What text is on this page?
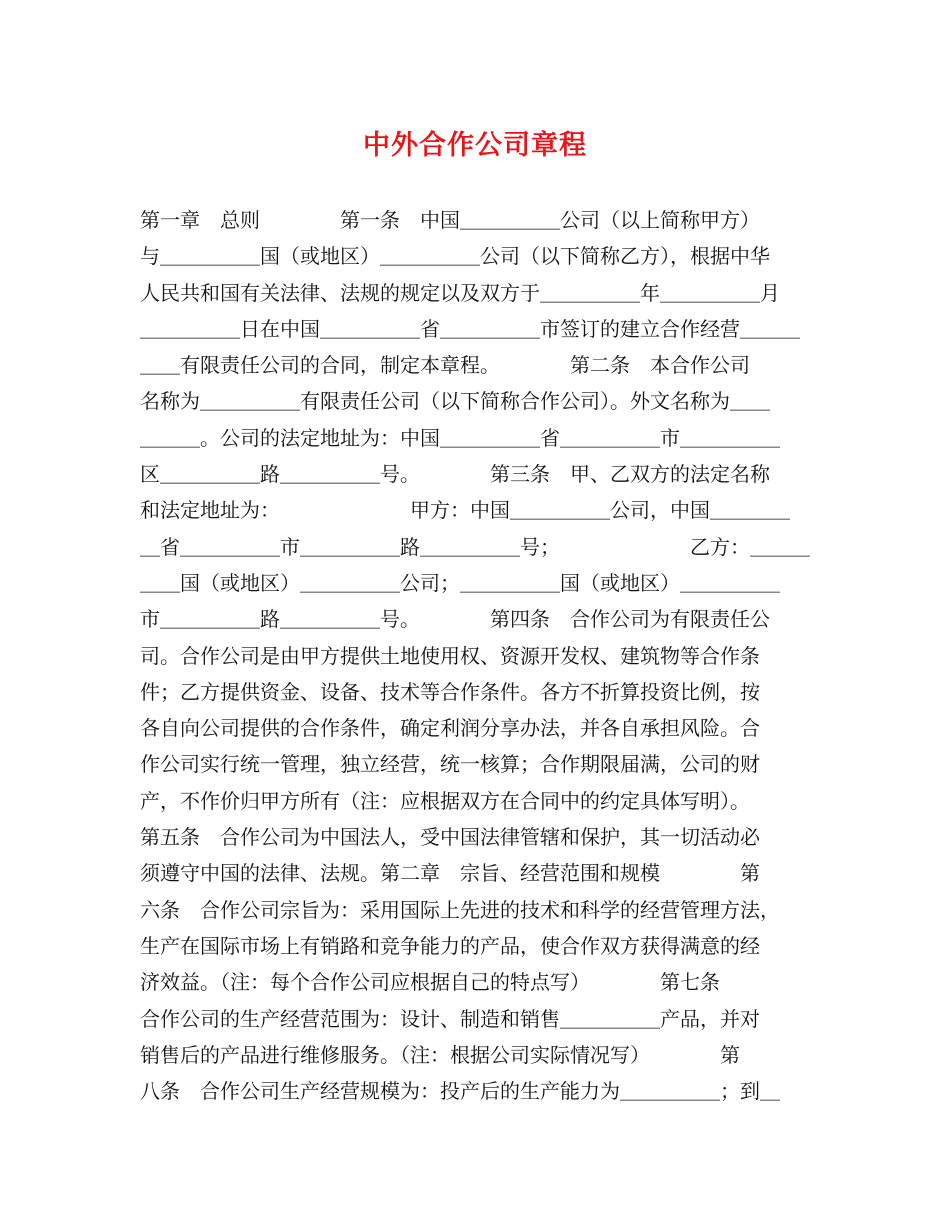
中外合作公司章程
第一章　总则　　　　第一条　中国＿＿＿＿＿公司（以上简称甲方）
与＿＿＿＿＿国（或地区）＿＿＿＿＿公司（以下简称乙方），根据中华
人民共和国有关法律、法规的规定以及双方于＿＿＿＿＿年＿＿＿＿＿月
＿＿＿＿＿日在中国＿＿＿＿＿省＿＿＿＿＿市签订的建立合作经营＿＿＿
＿＿有限责任公司的合同，制定本章程。　　　　第二条　本合作公司
名称为＿＿＿＿＿有限责任公司（以下简称合作公司）。外文名称为＿＿
＿＿＿。公司的法定地址为：中国＿＿＿＿＿省＿＿＿＿＿市＿＿＿＿＿
区＿＿＿＿＿路＿＿＿＿＿号。　　　　第三条　甲、乙双方的法定名称
和法定地址为：　　　　　　　甲方：中国＿＿＿＿＿公司，中国＿＿＿＿
＿省＿＿＿＿＿市＿＿＿＿＿路＿＿＿＿＿号；　　　　　　　乙方：＿＿＿
＿＿国（或地区）＿＿＿＿＿公司；＿＿＿＿＿国（或地区）＿＿＿＿＿
市＿＿＿＿＿路＿＿＿＿＿号。　　　　第四条　合作公司为有限责任公
司。合作公司是由甲方提供土地使用权、资源开发权、建筑物等合作条
件；乙方提供资金、设备、技术等合作条件。各方不折算投资比例，按
各自向公司提供的合作条件，确定利润分享办法，并各自承担风险。合
作公司实行统一管理，独立经营，统一核算；合作期限届满，公司的财
产，不作价归甲方所有（注：应根据双方在合同中的约定具体写明）。
第五条　合作公司为中国法人，受中国法律管辖和保护，其一切活动必
须遵守中国的法律、法规。第二章　宗旨、经营范围和规模　　　　第
六条　合作公司宗旨为：采用国际上先进的技术和科学的经营管理方法，
生产在国际市场上有销路和竞争能力的产品，使合作双方获得满意的经
济效益。（注：每个合作公司应根据自己的特点写）　　　　第七条
合作公司的生产经营范围为：设计、制造和销售＿＿＿＿＿产品，并对
销售后的产品进行维修服务。（注：根据公司实际情况写）　　　　第
八条　合作公司生产经营规模为：投产后的生产能力为＿＿＿＿＿；到＿
